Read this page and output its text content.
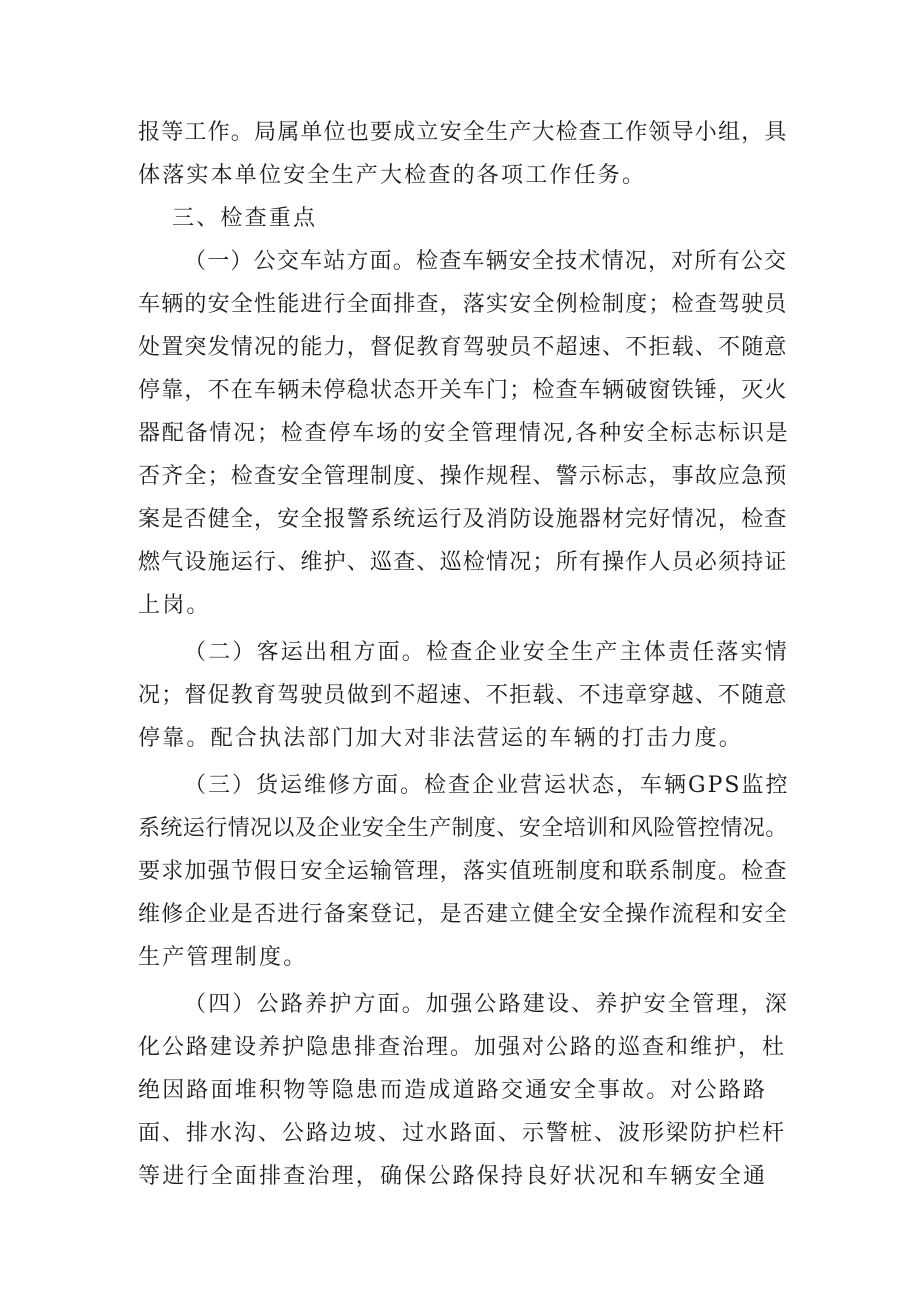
报等工作。局属单位也要成立安全生产大检查工作领导小组，具
体落实本单位安全生产大检查的各项工作任务。
三、检查重点
（一）公交车站方面。检查车辆安全技术情况，对所有公交
车辆的安全性能进行全面排查，落实安全例检制度；检查驾驶员
处置突发情况的能力，督促教育驾驶员不超速、不拒载、不随意
停靠，不在车辆未停稳状态开关车门；检查车辆破窗铁锤，灭火
器配备情况；检查停车场的安全管理情况,各种安全标志标识是
否齐全；检查安全管理制度、操作规程、警示标志，事故应急预
案是否健全，安全报警系统运行及消防设施器材完好情况，检查
燃气设施运行、维护、巡查、巡检情况；所有操作人员必须持证
上岗。
（二）客运出租方面。检查企业安全生产主体责任落实情
况；督促教育驾驶员做到不超速、不拒载、不违章穿越、不随意
停靠。配合执法部门加大对非法营运的车辆的打击力度。
（三）货运维修方面。检查企业营运状态，车辆GPS监控
系统运行情况以及企业安全生产制度、安全培训和风险管控情况。
要求加强节假日安全运输管理，落实值班制度和联系制度。检查
维修企业是否进行备案登记，是否建立健全安全操作流程和安全
生产管理制度。
（四）公路养护方面。加强公路建设、养护安全管理，深
化公路建设养护隐患排查治理。加强对公路的巡查和维护，杜
绝因路面堆积物等隐患而造成道路交通安全事故。对公路路
面、排水沟、公路边坡、过水路面、示警桩、波形梁防护栏杆
等进行全面排查治理，确保公路保持良好状况和车辆安全通
